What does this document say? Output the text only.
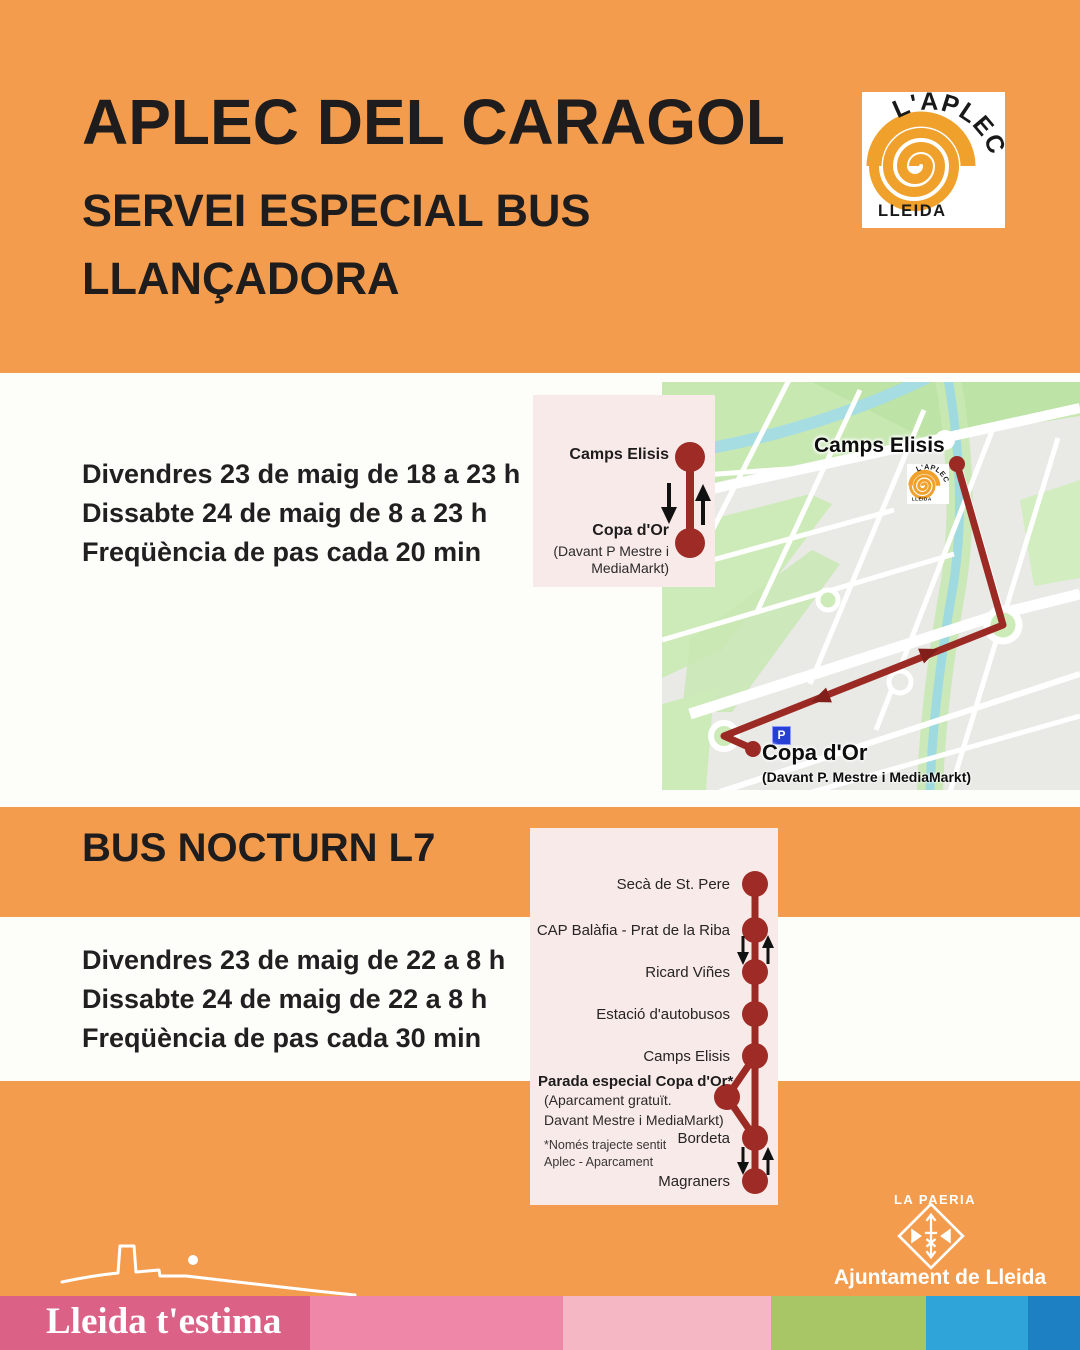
APLEC DEL CARAGOL
SERVEI ESPECIAL BUS
LLANÇADORA
Divendres 23 de maig de 18 a 23 h
Dissabte 24 de maig de 8 a 23 h
Freqüència de pas cada 20 min
Camps Elisis
P
Copa d'Or
(Davant P. Mestre i MediaMarkt)
Camps Elisis
Copa d'Or
(Davant P Mestre i
MediaMarkt)
BUS NOCTURN L7
Divendres 23 de maig de 22 a 8 h
Dissabte 24 de maig de 22 a 8 h
Freqüència de pas cada 30 min
Secà de St. Pere
CAP Balàfia - Prat de la Riba
Ricard Viñes
Estació d'autobusos
Camps Elisis
Bordeta
Magraners
Parada especial Copa d'Or*
(Aparcament gratuït.
Davant Mestre i MediaMarkt)
*Només trajecte sentit
Aplec - Aparcament
LA PAERIA
Ajuntament de Lleida
Lleida t'estima
